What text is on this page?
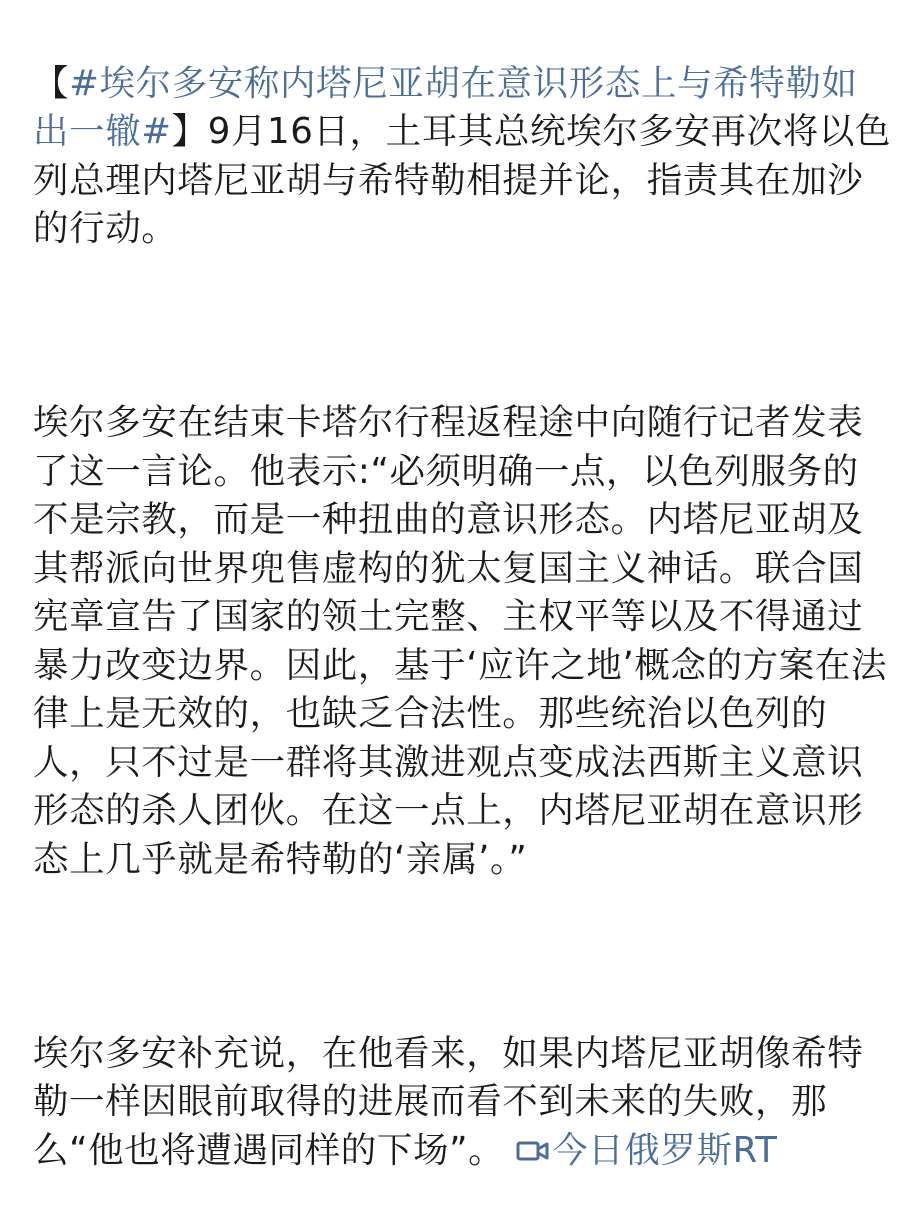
【#埃尔多安称内塔尼亚胡在意识形态上与希特勒如出一辙#】9月16日，土耳其总统埃尔多安再次将以色列总理内塔尼亚胡与希特勒相提并论，指责其在加沙的行动。

埃尔多安在结束卡塔尔行程返程途中向随行记者发表了这一言论。他表示:“必须明确一点，以色列服务的不是宗教，而是一种扭曲的意识形态。内塔尼亚胡及其帮派向世界兜售虚构的犹太复国主义神话。联合国宪章宣告了国家的领土完整、主权平等以及不得通过暴力改变边界。因此，基于‘应许之地’概念的方案在法律上是无效的，也缺乏合法性。那些统治以色列的人，只不过是一群将其激进观点变成法西斯主义意识形态的杀人团伙。在这一点上，内塔尼亚胡在意识形态上几乎就是希特勒的‘亲属’。”

埃尔多安补充说，在他看来，如果内塔尼亚胡像希特勒一样因眼前取得的进展而看不到未来的失败，那么“他也将遭遇同样的下场”。 今日俄罗斯RT
